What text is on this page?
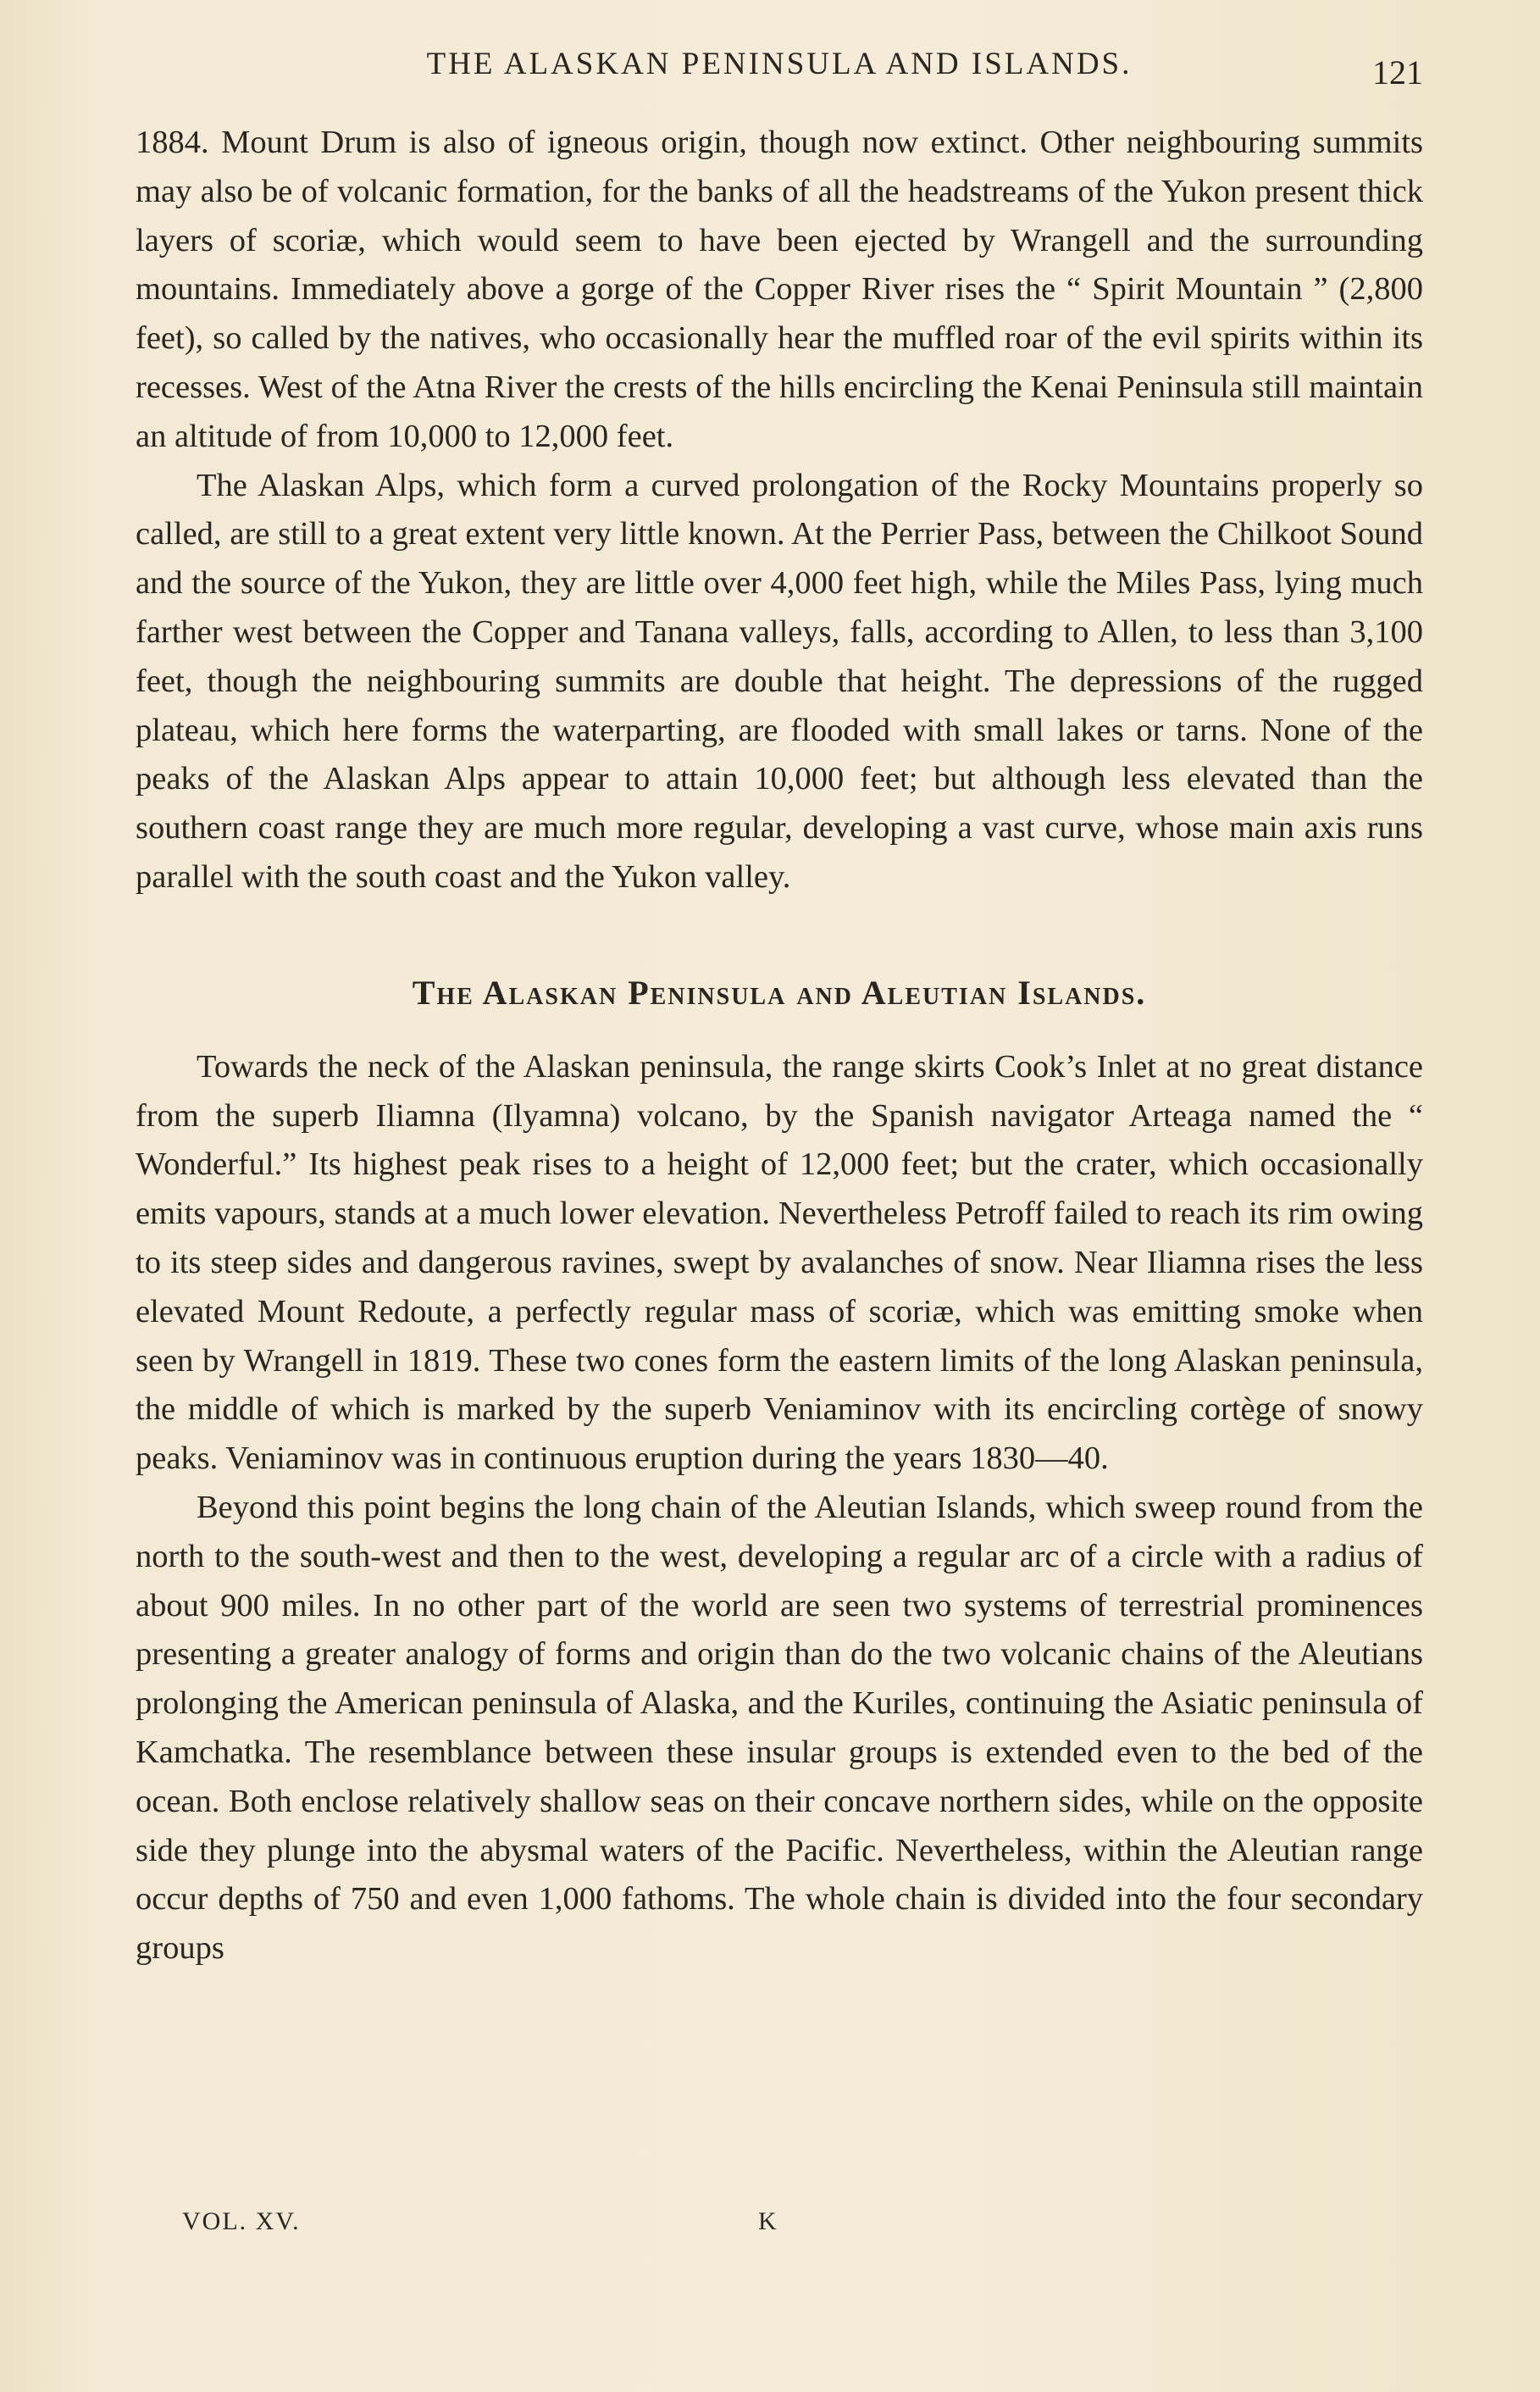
THE ALASKAN PENINSULA AND ISLANDS.	121

1884. Mount Drum is also of igneous origin, though now extinct. Other neighbouring summits may also be of volcanic formation, for the banks of all the headstreams of the Yukon present thick layers of scoriæ, which would seem to have been ejected by Wrangell and the surrounding mountains. Immediately above a gorge of the Copper River rises the “ Spirit Mountain ” (2,800 feet), so called by the natives, who occasionally hear the muffled roar of the evil spirits within its recesses. West of the Atna River the crests of the hills encircling the Kenai Peninsula still maintain an altitude of from 10,000 to 12,000 feet.

The Alaskan Alps, which form a curved prolongation of the Rocky Mountains properly so called, are still to a great extent very little known. At the Perrier Pass, between the Chilkoot Sound and the source of the Yukon, they are little over 4,000 feet high, while the Miles Pass, lying much farther west between the Copper and Tanana valleys, falls, according to Allen, to less than 3,100 feet, though the neighbouring summits are double that height. The depressions of the rugged plateau, which here forms the waterparting, are flooded with small lakes or tarns. None of the peaks of the Alaskan Alps appear to attain 10,000 feet; but although less elevated than the southern coast range they are much more regular, developing a vast curve, whose main axis runs parallel with the south coast and the Yukon valley.

The Alaskan Peninsula and Aleutian Islands.

Towards the neck of the Alaskan peninsula, the range skirts Cook’s Inlet at no great distance from the superb Iliamna (Ilyamna) volcano, by the Spanish navigator Arteaga named the “ Wonderful.” Its highest peak rises to a height of 12,000 feet; but the crater, which occasionally emits vapours, stands at a much lower elevation. Nevertheless Petroff failed to reach its rim owing to its steep sides and dangerous ravines, swept by avalanches of snow. Near Iliamna rises the less elevated Mount Redoute, a perfectly regular mass of scoriæ, which was emitting smoke when seen by Wrangell in 1819. These two cones form the eastern limits of the long Alaskan peninsula, the middle of which is marked by the superb Veniaminov with its encircling cortège of snowy peaks. Veniaminov was in continuous eruption during the years 1830—40.

Beyond this point begins the long chain of the Aleutian Islands, which sweep round from the north to the south-west and then to the west, developing a regular arc of a circle with a radius of about 900 miles. In no other part of the world are seen two systems of terrestrial prominences presenting a greater analogy of forms and origin than do the two volcanic chains of the Aleutians prolonging the American peninsula of Alaska, and the Kuriles, continuing the Asiatic peninsula of Kamchatka. The resemblance between these insular groups is extended even to the bed of the ocean. Both enclose relatively shallow seas on their concave northern sides, while on the opposite side they plunge into the abysmal waters of the Pacific. Nevertheless, within the Aleutian range occur depths of 750 and even 1,000 fathoms. The whole chain is divided into the four secondary groups

VOL. XV.	K
